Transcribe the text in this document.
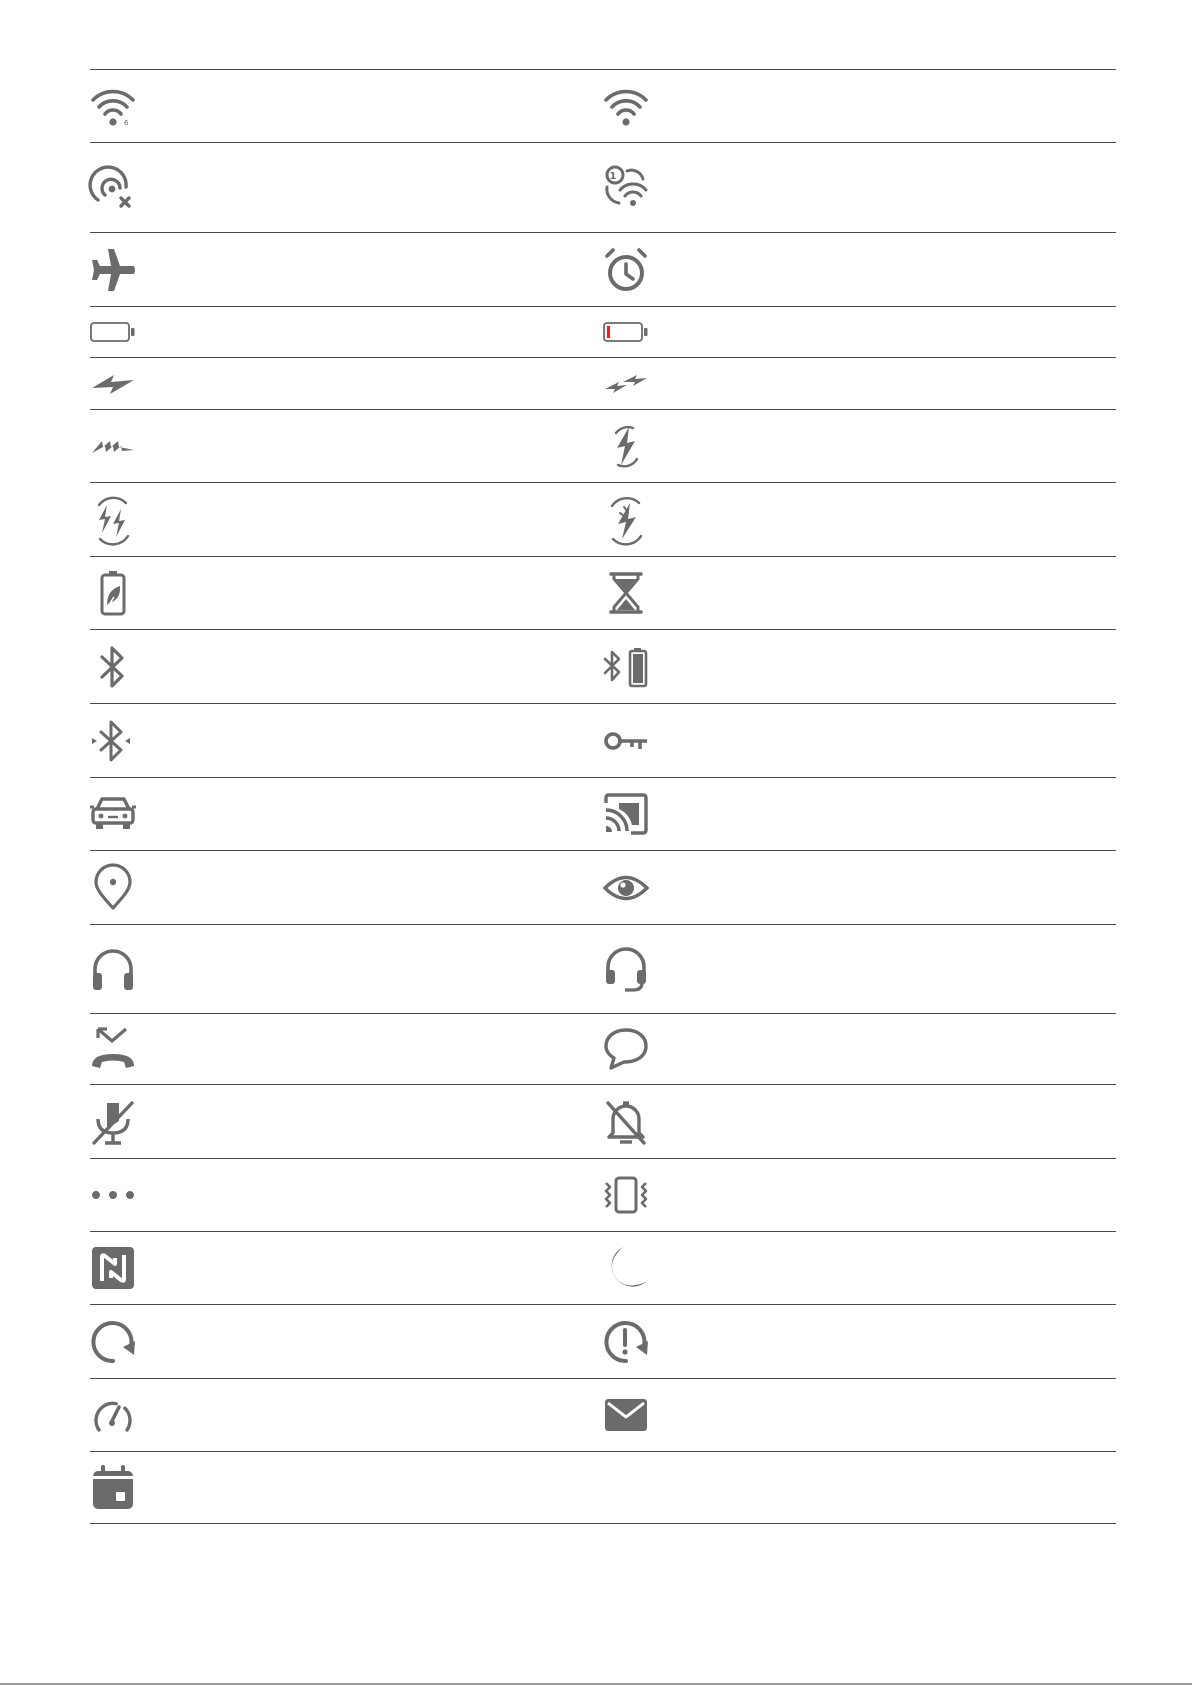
6
1
